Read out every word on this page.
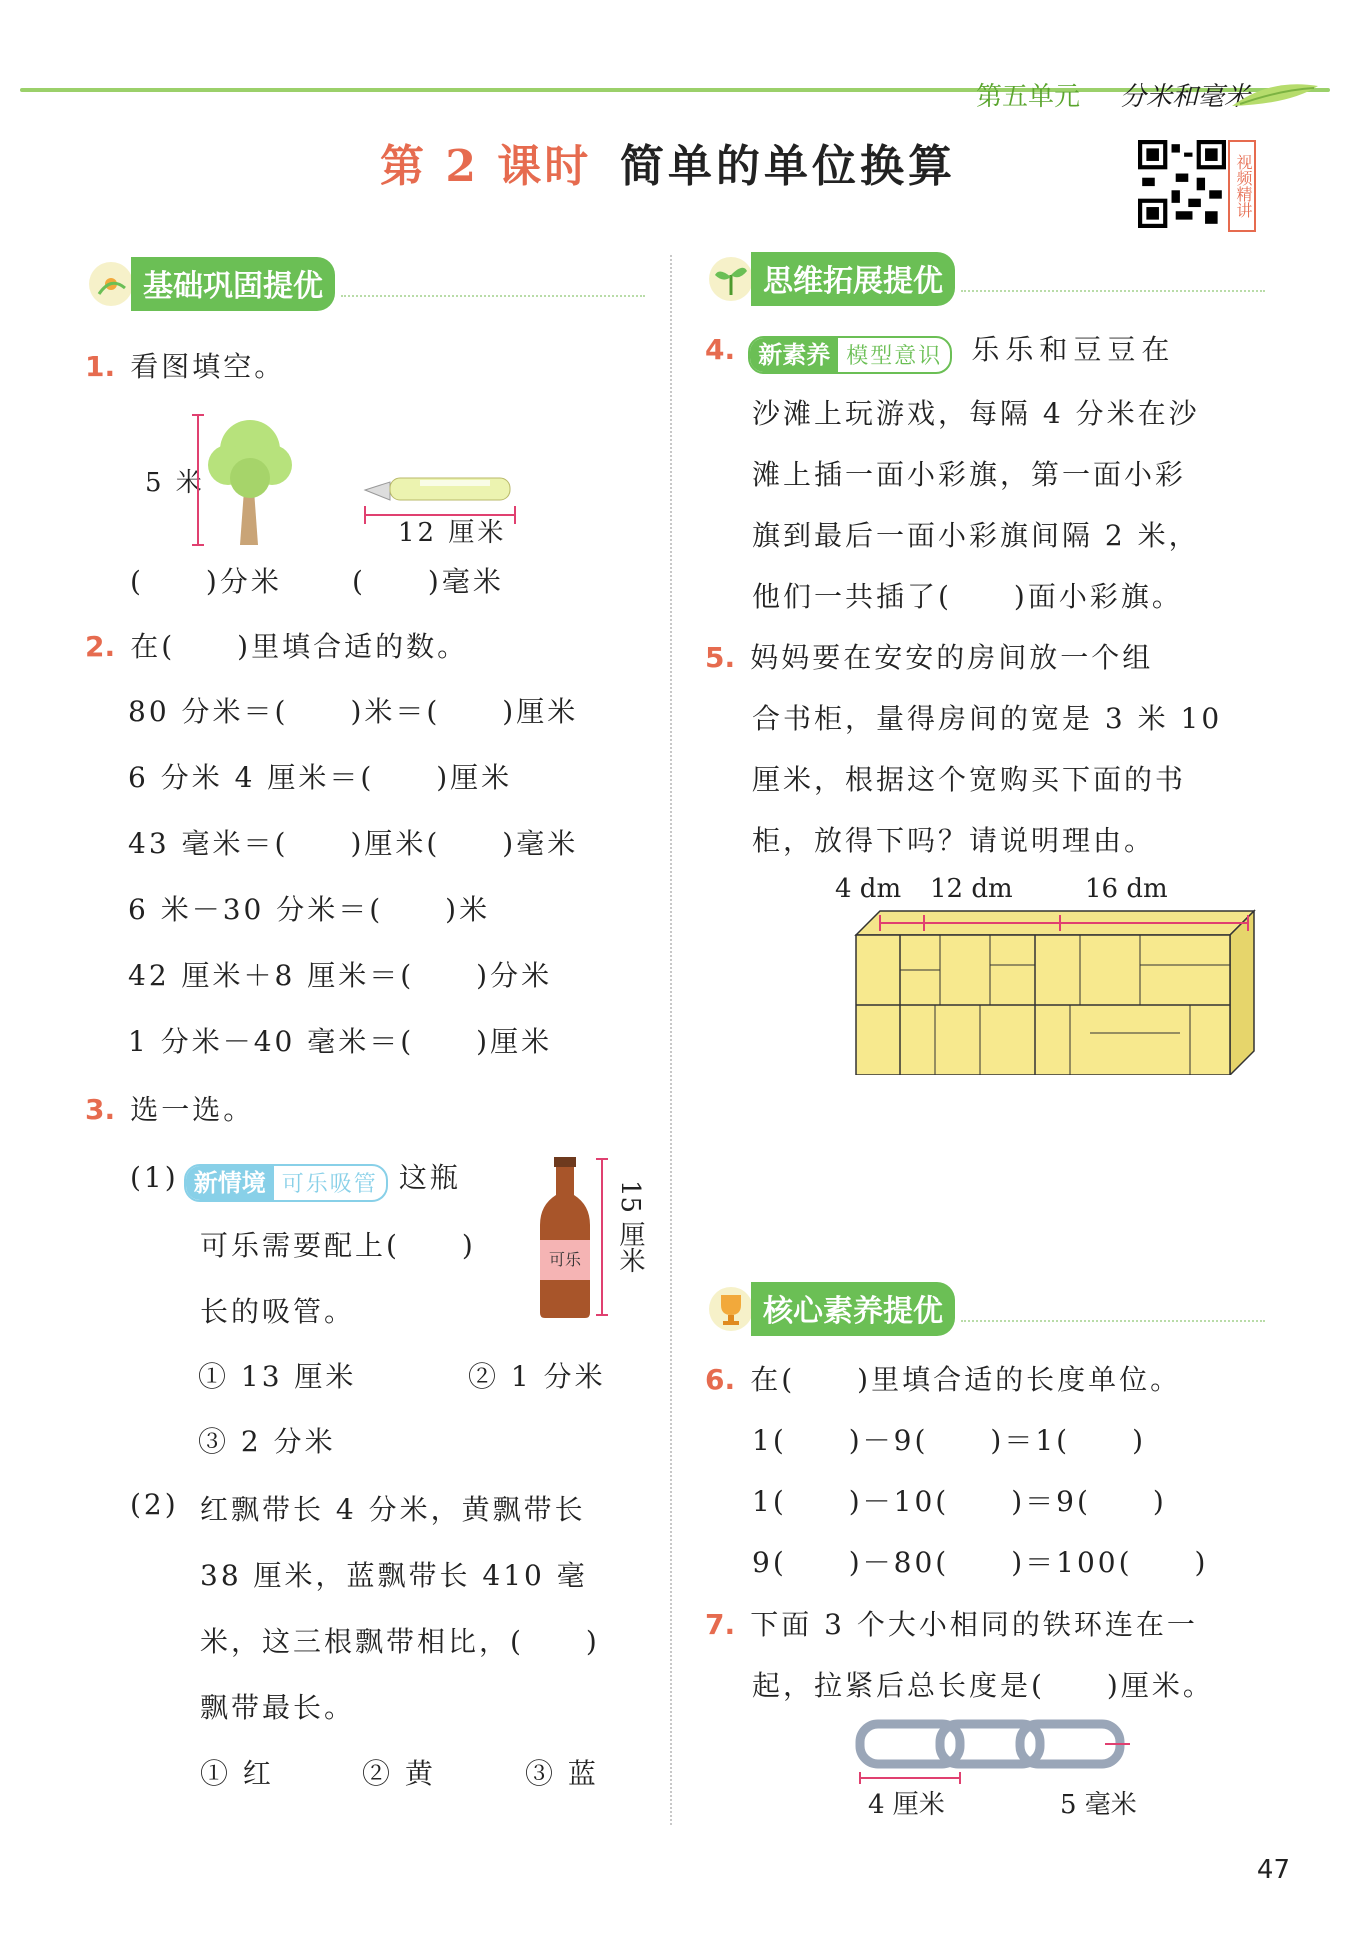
第五单元 分米和毫米
第 2 课时 简单的单位换算	视频精讲
基础巩固提优	思维拓展提优
核心素养提优
1. 看图填空。
5 米
12 厘米
(　　)分米	(　　)毫米
2. 在(　　)里填合适的数。
80 分米＝(　　)米＝(　　)厘米
6 分米 4 厘米＝(　　)厘米
43 毫米＝(　　)厘米(　　)毫米
6 米－30 分米＝(　　)米
42 厘米＋8 厘米＝(　　)分米
1 分米－40 毫米＝(　　)厘米
3. 选一选。
(1) 新情境 可乐吸管 这瓶
可乐需要配上(　　)
长的吸管。
可乐 15 厘米
① 13 厘米	② 1 分米
③ 2 分米
(2) 红飘带长 4 分米，黄飘带长
38 厘米，蓝飘带长 410 毫
米，这三根飘带相比，(　　)
飘带最长。
① 红	② 黄	③ 蓝
4. 新素养 模型意识 乐乐和豆豆在
沙滩上玩游戏，每隔 4 分米在沙
滩上插一面小彩旗，第一面小彩
旗到最后一面小彩旗间隔 2 米，
他们一共插了(　　)面小彩旗。
5. 妈妈要在安安的房间放一个组
合书柜，量得房间的宽是 3 米 10
厘米，根据这个宽购买下面的书
柜，放得下吗？请说明理由。
4 dm 12 dm	16 dm
6. 在(　　)里填合适的长度单位。
1(　　)－9(　　)＝1(　　)
1(　　)－10(　　)＝9(　　)
9(　　)－80(　　)＝100(　　)
7. 下面 3 个大小相同的铁环连在一
起，拉紧后总长度是(　　)厘米。
4 厘米	5 毫米
47
